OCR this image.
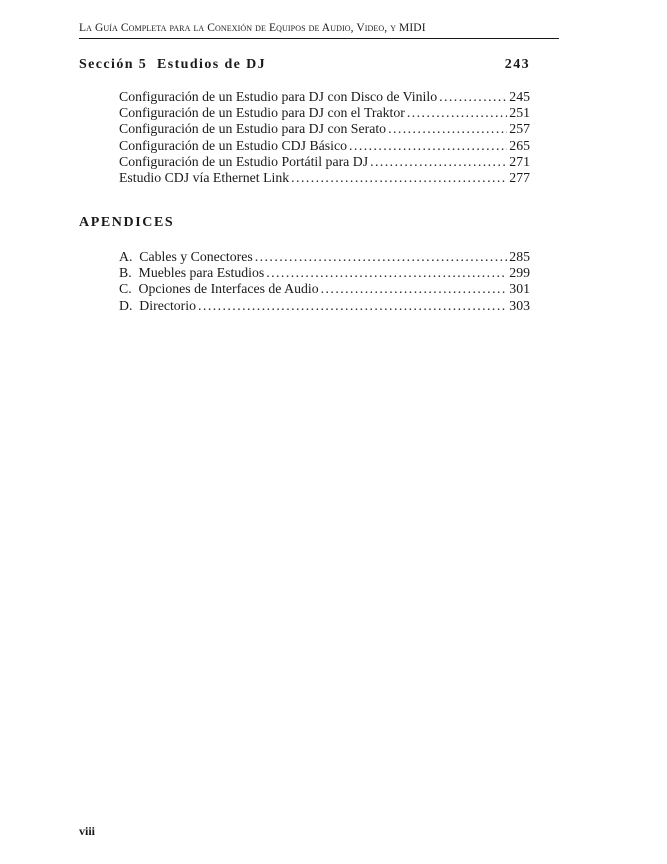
La Guía Completa para la Conexión de Equipos de Audio, Video, y MIDI
Sección 5  Estudios de DJ	243
Configuración de un Estudio para DJ con Disco de Vinilo . . .	245
Configuración de un Estudio para DJ con el Traktor . . .	251
Configuración de un Estudio para DJ con Serato . . .	257
Configuración de un Estudio CDJ Básico . . .	265
Configuración de un Estudio Portátil para DJ . . .	271
Estudio CDJ vía Ethernet Link . . .	277
APENDICES
A.  Cables y Conectores . . .	285
B.  Muebles para Estudios . . .	299
C.  Opciones de Interfaces de Audio . . .	301
D.  Directorio . . .	303
viii
